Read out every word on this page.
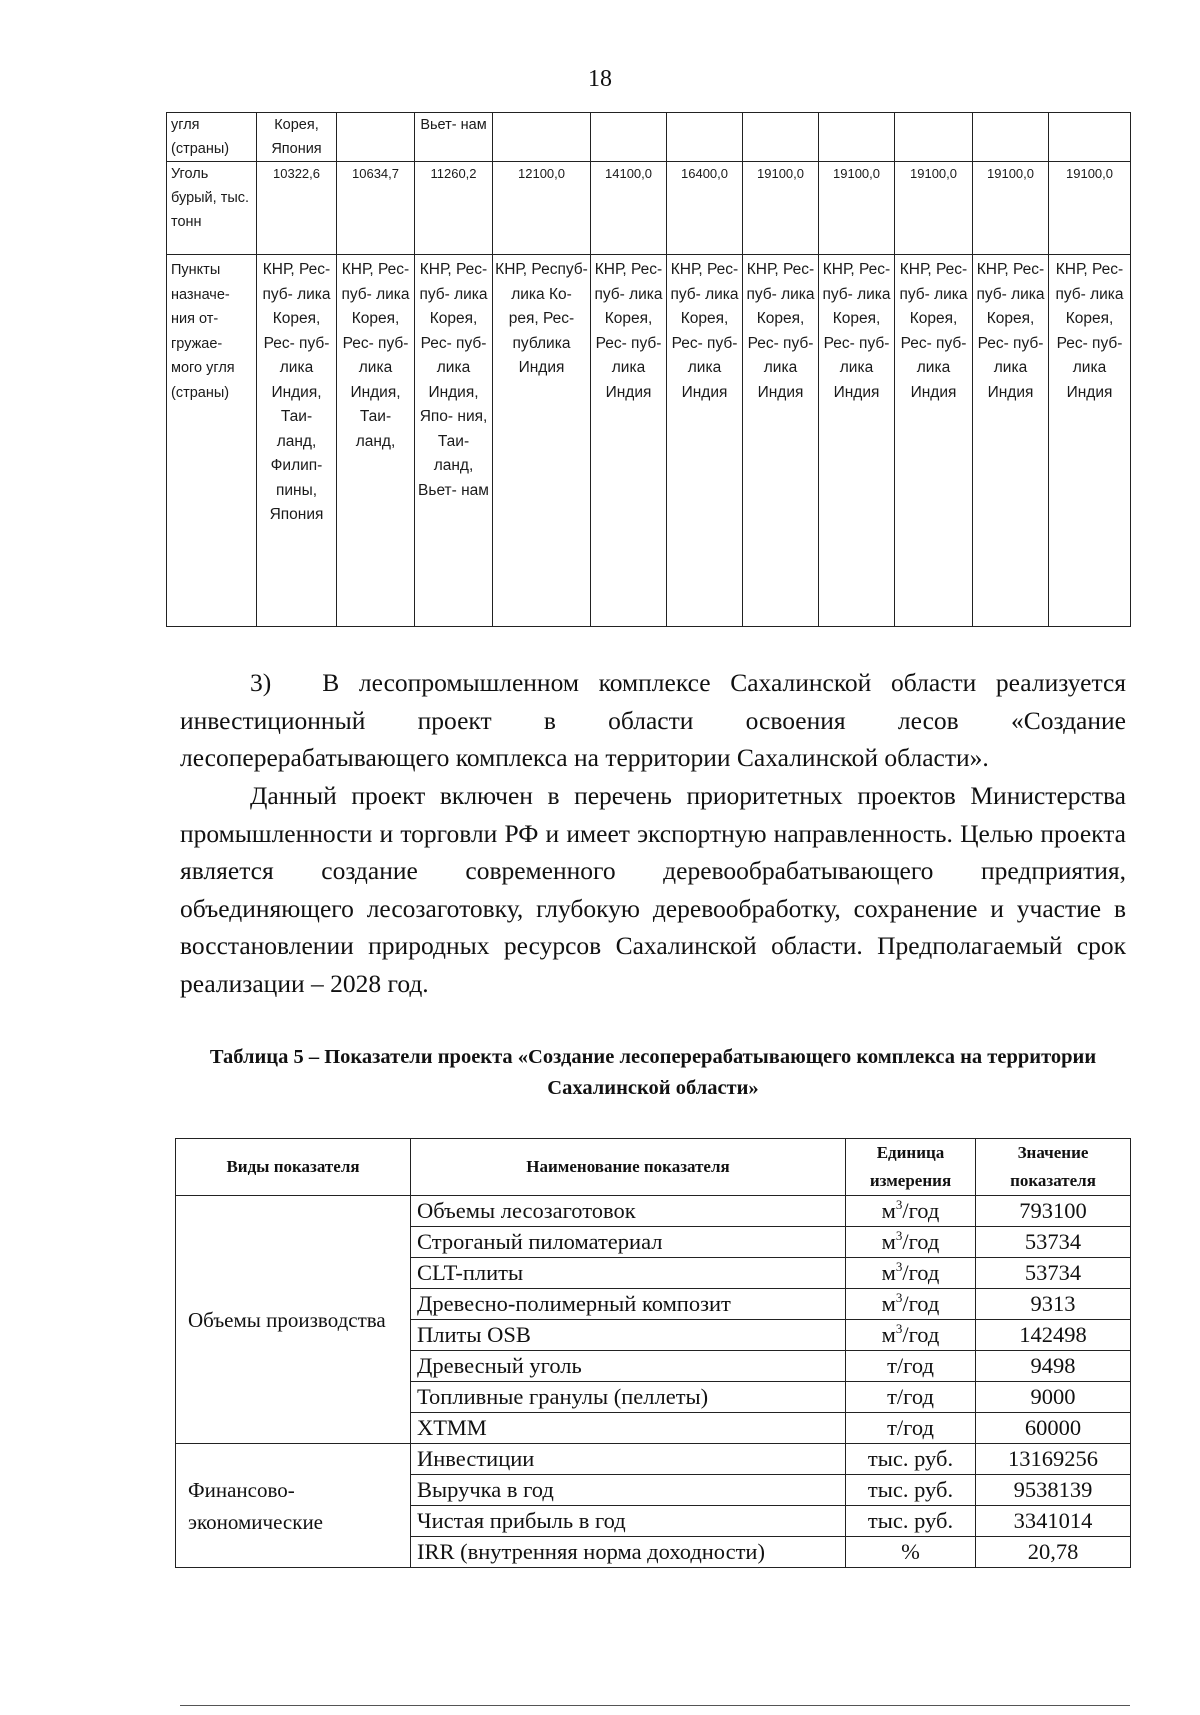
18
угля (страны)	Корея, Япония		Вьет- нам								
Уголь бурый, тыс. тонн	10322,6	10634,7	11260,2	12100,0	14100,0	16400,0	19100,0	19100,0	19100,0	19100,0	19100,0
Пункты назначе- ния от- гружае- мого угля (страны)	КНР, Рес- пуб- лика Корея, Рес- пуб- лика Индия, Таи- ланд, Филип- пины, Япония	КНР, Рес- пуб- лика Корея, Рес- пуб- лика Индия, Таи- ланд,	КНР, Рес- пуб- лика Корея, Рес- пуб- лика Индия, Япо- ния, Таи- ланд, Вьет- нам	КНР, Респуб- лика Ко- рея, Рес- публика Индия	КНР, Рес- пуб- лика Корея, Рес- пуб- лика Индия	КНР, Рес- пуб- лика Корея, Рес- пуб- лика Индия	КНР, Рес- пуб- лика Корея, Рес- пуб- лика Индия	КНР, Рес- пуб- лика Корея, Рес- пуб- лика Индия	КНР, Рес- пуб- лика Корея, Рес- пуб- лика Индия	КНР, Рес- пуб- лика Корея, Рес- пуб- лика Индия	КНР, Рес- пуб- лика Корея, Рес- пуб- лика Индия

3)  В лесопромышленном комплексе Сахалинской области реализуется инвестиционный проект в области освоения лесов «Создание лесоперерабатывающего комплекса на территории Сахалинской области».

Данный проект включен в перечень приоритетных проектов Министерства промышленности и торговли РФ и имеет экспортную направленность. Целью проекта является создание современного деревообрабатывающего предприятия, объединяющего лесозаготовку, глубокую деревообработку, сохранение и участие в восстановлении природных ресурсов Сахалинской области. Предполагаемый срок реализации – 2028 год.

Таблица 5 – Показатели проекта «Создание лесоперерабатывающего комплекса на территории Сахалинской области»
Виды показателя	Наименование показателя	Единица измерения	Значение показателя
Объемы производства	Объемы лесозаготовок	$м^3$/год	793100
	Строганый пиломатериал	$м^3$/год	53734
	CLT-плиты	$м^3$/год	53734
	Древесно-полимерный композит	$м^3$/год	9313
	Плиты OSB	$м^3$/год	142498
	Древесный уголь	т/год	9498
	Топливные гранулы (пеллеты)	т/год	9000
	ХТММ	т/год	60000
Финансово-экономические	Инвестиции	тыс. руб.	13169256
	Выручка в год	тыс. руб.	9538139
	Чистая прибыль в год	тыс. руб.	3341014
	IRR (внутренняя норма доходности)	%	20,78
